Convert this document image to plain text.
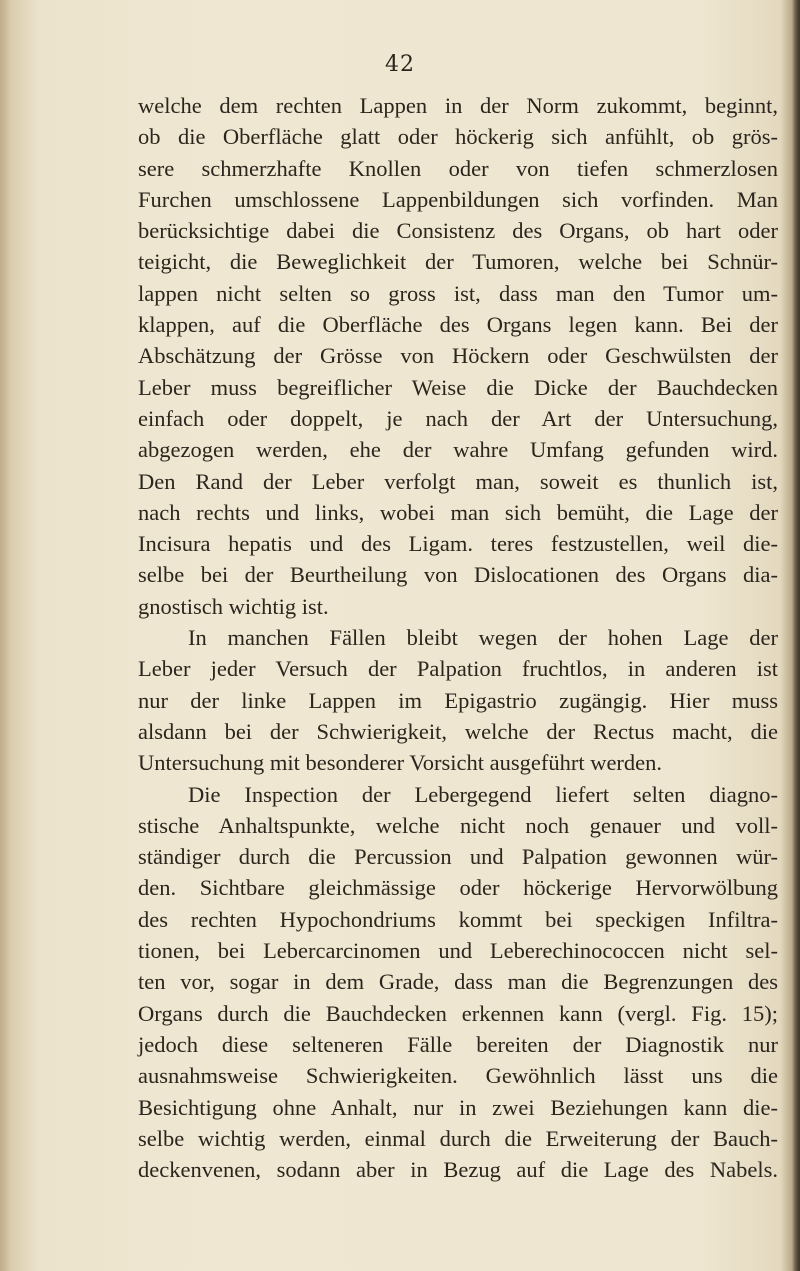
42
welche dem rechten Lappen in der Norm zukommt, beginnt,
ob die Oberfläche glatt oder höckerig sich anfühlt, ob grös-
sere schmerzhafte Knollen oder von tiefen schmerzlosen
Furchen umschlossene Lappenbildungen sich vorfinden. Man
berücksichtige dabei die Consistenz des Organs, ob hart oder
teigicht, die Beweglichkeit der Tumoren, welche bei Schnür-
lappen nicht selten so gross ist, dass man den Tumor um-
klappen, auf die Oberfläche des Organs legen kann. Bei der
Abschätzung der Grösse von Höckern oder Geschwülsten der
Leber muss begreiflicher Weise die Dicke der Bauchdecken
einfach oder doppelt, je nach der Art der Untersuchung,
abgezogen werden, ehe der wahre Umfang gefunden wird.
Den Rand der Leber verfolgt man, soweit es thunlich ist,
nach rechts und links, wobei man sich bemüht, die Lage der
Incisura hepatis und des Ligam. teres festzustellen, weil die-
selbe bei der Beurtheilung von Dislocationen des Organs dia-
gnostisch wichtig ist.
In manchen Fällen bleibt wegen der hohen Lage der
Leber jeder Versuch der Palpation fruchtlos, in anderen ist
nur der linke Lappen im Epigastrio zugängig. Hier muss
alsdann bei der Schwierigkeit, welche der Rectus macht, die
Untersuchung mit besonderer Vorsicht ausgeführt werden.
Die Inspection der Lebergegend liefert selten diagno-
stische Anhaltspunkte, welche nicht noch genauer und voll-
ständiger durch die Percussion und Palpation gewonnen wür-
den. Sichtbare gleichmässige oder höckerige Hervorwölbung
des rechten Hypochondriums kommt bei speckigen Infiltra-
tionen, bei Lebercarcinomen und Leberechinococcen nicht sel-
ten vor, sogar in dem Grade, dass man die Begrenzungen des
Organs durch die Bauchdecken erkennen kann (vergl. Fig. 15);
jedoch diese selteneren Fälle bereiten der Diagnostik nur
ausnahmsweise Schwierigkeiten. Gewöhnlich lässt uns die
Besichtigung ohne Anhalt, nur in zwei Beziehungen kann die-
selbe wichtig werden, einmal durch die Erweiterung der Bauch-
deckenvenen, sodann aber in Bezug auf die Lage des Nabels.
